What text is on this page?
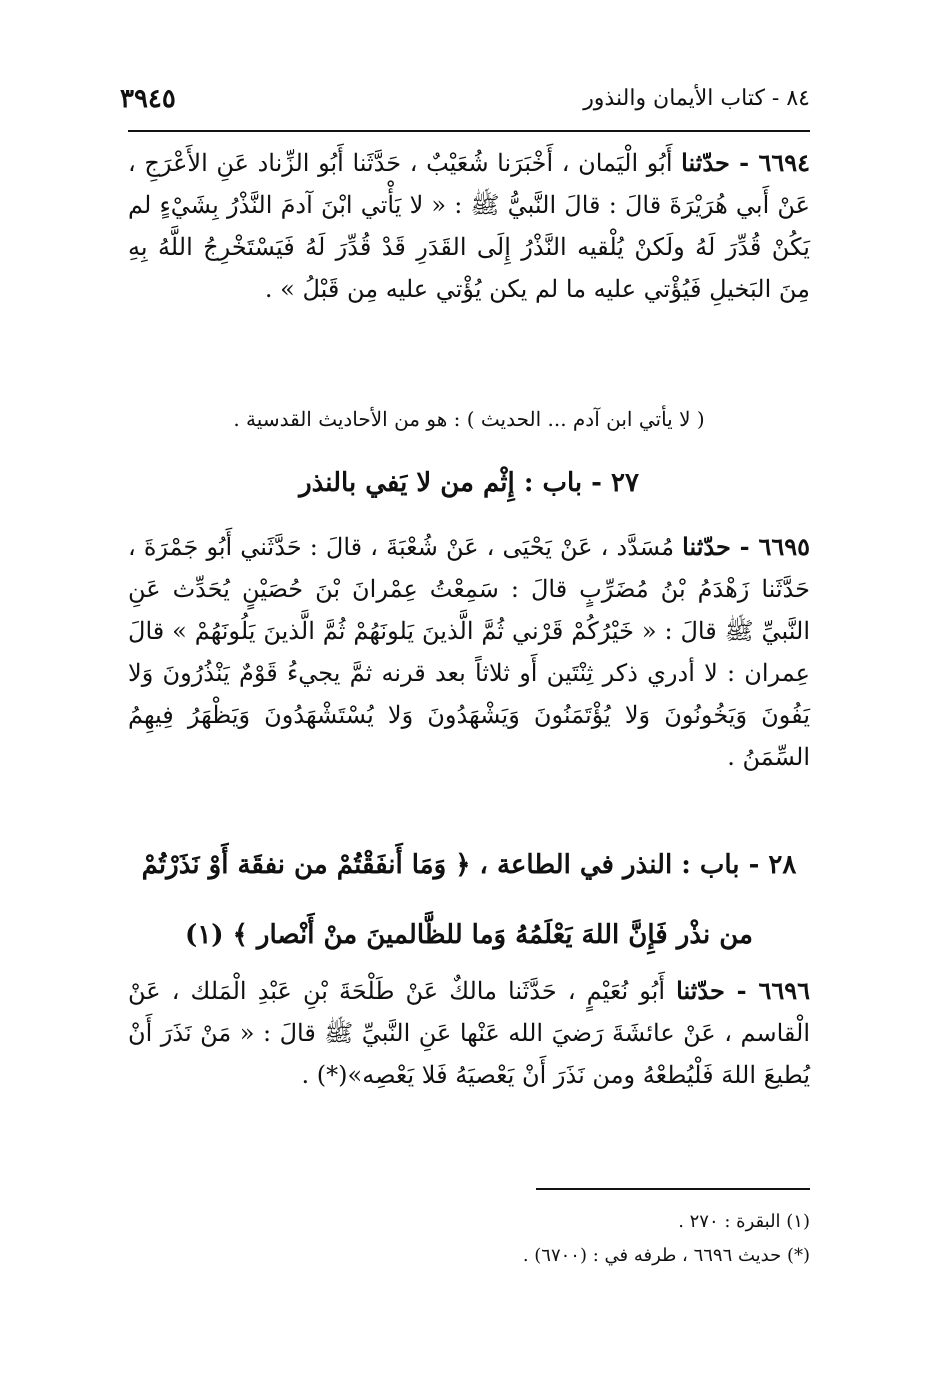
٨٤ - كتاب الأيمان والنذور
٣٩٤٥
٦٦٩٤ - حدّثنا أَبُو الْيَمان ، أَخْبَرَنا شُعَيْبٌ ، حَدَّثَنا أَبُو الزِّناد عَنِ الأَعْرَجِ ، عَنْ أَبي هُرَيْرَةَ قالَ : قالَ النَّبيُّ ﷺ : « لا يَأْتي ابْنَ آدمَ النَّذْرُ بِشَيْءٍ لم يَكُنْ قُدِّرَ لَهُ ولَكنْ يُلْقيه النَّذْرُ إِلَى القَدَرِ قَدْ قُدِّرَ لَهُ فَيَسْتَخْرِجُ اللَّهُ بِهِ مِنَ البَخيلِ فَيُؤْتي عليه ما لم يكن يُؤْتي عليه مِن قَبْلُ » .
( لا يأتي ابن آدم ... الحديث ) : هو من الأحاديث القدسية .
٢٧ - باب : إِثْم من لا يَفي بالنذر
٦٦٩٥ - حدّثنا مُسَدَّد ، عَنْ يَحْيَى ، عَنْ شُعْبَةَ ، قالَ : حَدَّثَني أَبُو جَمْرَةَ ، حَدَّثَنا زَهْدَمُ بْنُ مُضَرِّبٍ قالَ : سَمِعْتُ عِمْرانَ بْنَ حُصَيْنٍ يُحَدِّث عَنِ النَّبيِّ ﷺ قالَ : « خَيْرُكُمْ قَرْني ثُمَّ الَّذينَ يَلونَهُمْ ثُمَّ الَّذينَ يَلُونَهُمْ » قالَ عِمران : لا أدري ذكر ثِنْتَين أَو ثلاثاً بعد قرنه ثمَّ يجيءُ قَوْمٌ يَنْذُرُونَ وَلا يَفُونَ وَيَخُونُونَ وَلا يُؤْتَمَنُونَ وَيَشْهَدُونَ وَلا يُسْتَشْهَدُونَ وَيَظْهَرُ فِيهِمُ السِّمَنُ .
٢٨ - باب : النذر في الطاعة ، ﴿ وَمَا أَنفَقْتُمْ من نفقَة أَوْ نَذَرْتُمْ
من نذْر فَإِنَّ اللهَ يَعْلَمُهُ وَما للظَّالمينَ منْ أَنْصار ﴾ (١)
٦٦٩٦ - حدّثنا أَبُو نُعَيْمٍ ، حَدَّثَنا مالكٌ عَنْ طَلْحَةَ بْنِ عَبْدِ الْمَلك ، عَنْ الْقاسم ، عَنْ عائشَةَ رَضيَ الله عَنْها عَنِ النَّبيِّ ﷺ قالَ : « مَنْ نَذَرَ أَنْ يُطيعَ اللهَ فَلْيُطعْهُ ومن نَذَرَ أَنْ يَعْصيَهُ فَلا يَعْصِه»(*) .
(١) البقرة : ٢٧٠ .
(*) حديث ٦٦٩٦ ، طرفه في : (٦٧٠٠) .
